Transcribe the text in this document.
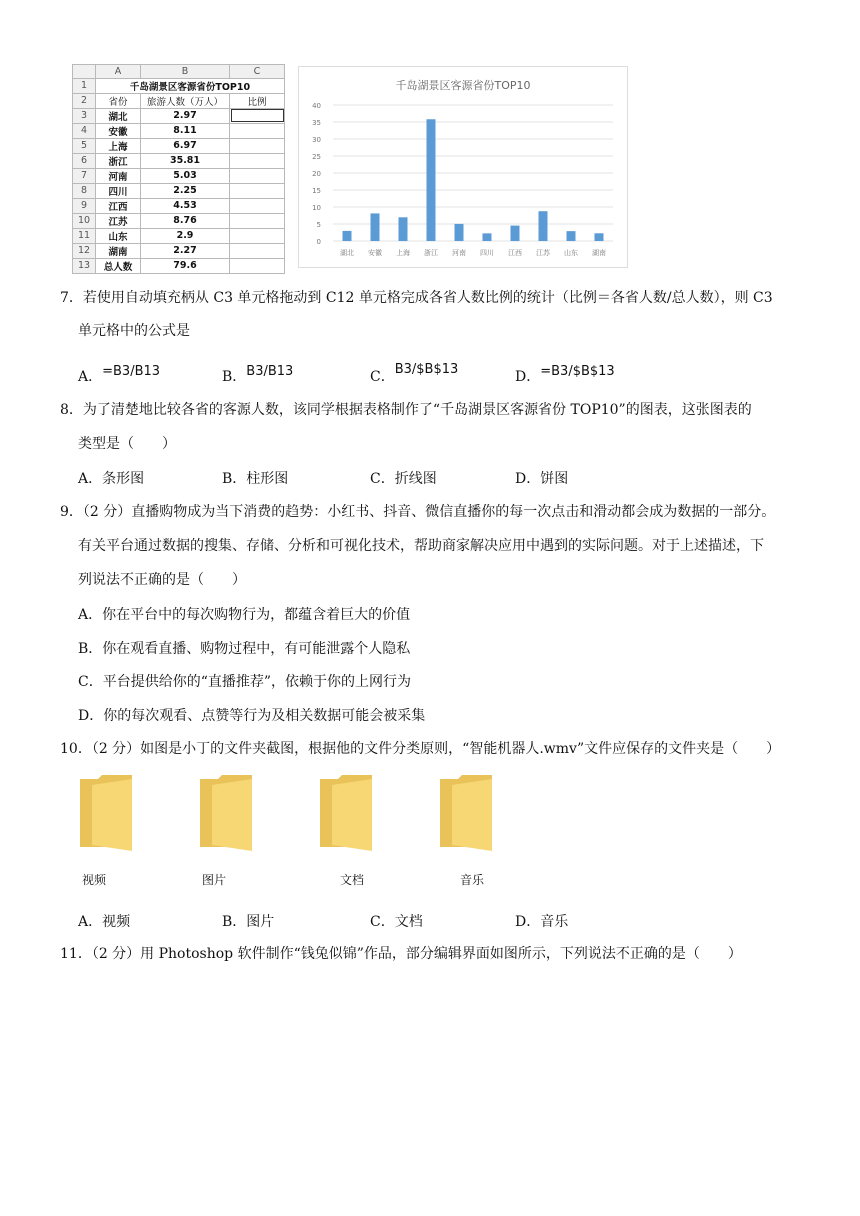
	A	B	C
1	千岛湖景区客源省份TOP10		
2	省份	旅游人数（万人）	比例
3	湖北	2.97	
4	安徽	8.11	
5	上海	6.97	
6	浙江	35.81	
7	河南	5.03	
8	四川	2.25	
9	江西	4.53	
10	江苏	8.76	
11	山东	2.9	
12	湖南	2.27	
13	总人数	79.6	
千岛湖景区客源省份TOP10
0
5
10
15
20
25
30
35
40
湖北 安徽 上海 浙江 河南 四川 江西 江苏 山东 湖南
7．若使用自动填充柄从 C3 单元格拖动到 C12 单元格完成各省人数比例的统计（比例＝各省人数/总人数），则 C3
单元格中的公式是
A．=B3/B13	B．B3/B13	C．B3/$B$13	D．=B3/$B$13
8．为了清楚地比较各省的客源人数，该同学根据表格制作了“千岛湖景区客源省份 TOP10”的图表，这张图表的
类型是（　　）
A．条形图	B．柱形图	C．折线图	D．饼图
9．（2 分）直播购物成为当下消费的趋势：小红书、抖音、微信直播你的每一次点击和滑动都会成为数据的一部分。
有关平台通过数据的搜集、存储、分析和可视化技术，帮助商家解决应用中遇到的实际问题。对于上述描述，下
列说法不正确的是（　　）
A．你在平台中的每次购物行为，都蕴含着巨大的价值
B．你在观看直播、购物过程中，有可能泄露个人隐私
C．平台提供给你的“直播推荐”，依赖于你的上网行为
D．你的每次观看、点赞等行为及相关数据可能会被采集
10．（2 分）如图是小丁的文件夹截图，根据他的文件分类原则，“智能机器人.wmv”文件应保存的文件夹是（　　）
视频	图片	文档	音乐
A．视频	B．图片	C．文档	D．音乐
11．（2 分）用 Photoshop 软件制作“钱兔似锦”作品，部分编辑界面如图所示，下列说法不正确的是（　　）
